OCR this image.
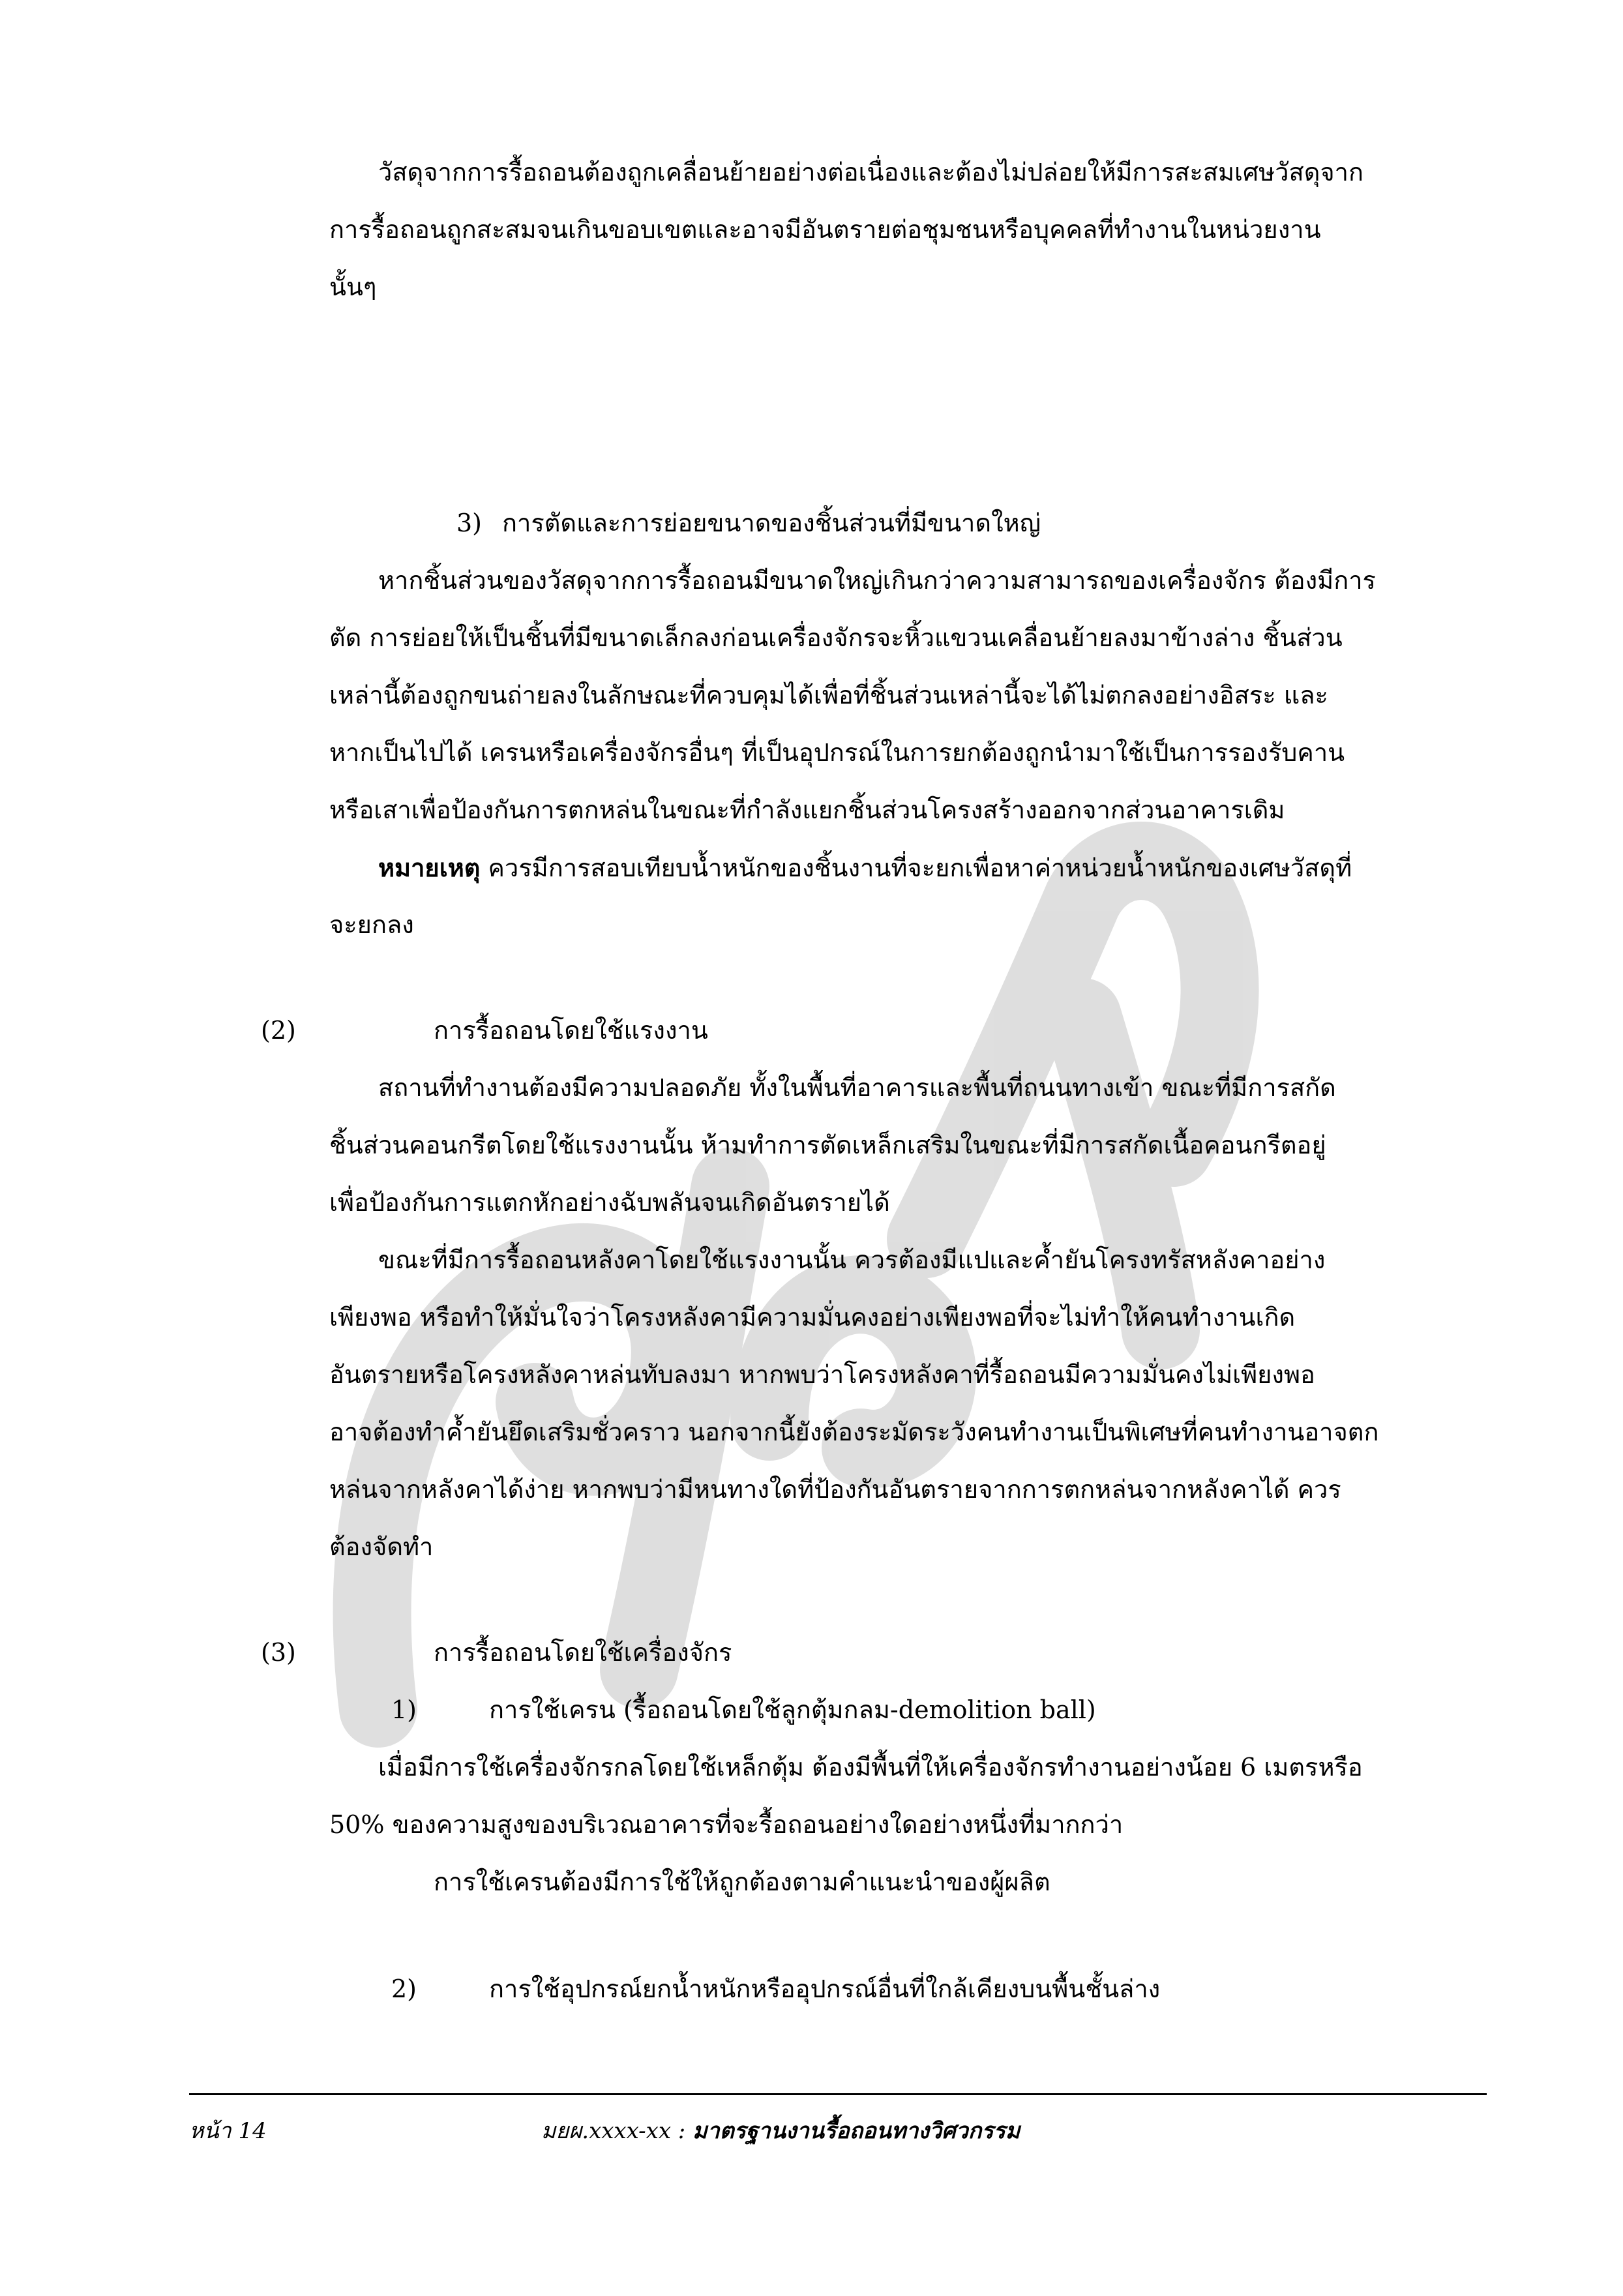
วัสดุจากการรื้อถอนต้องถูกเคลื่อนย้ายอย่างต่อเนื่องและต้องไม่ปล่อยให้มีการสะสมเศษวัสดุจาก
การรื้อถอนถูกสะสมจนเกินขอบเขตและอาจมีอันตรายต่อชุมชนหรือบุคคลที่ทำงานในหน่วยงาน
นั้นๆ
3) การตัดและการย่อยขนาดของชิ้นส่วนที่มีขนาดใหญ่
หากชิ้นส่วนของวัสดุจากการรื้อถอนมีขนาดใหญ่เกินกว่าความสามารถของเครื่องจักร ต้องมีการ
ตัด การย่อยให้เป็นชิ้นที่มีขนาดเล็กลงก่อนเครื่องจักรจะหิ้วแขวนเคลื่อนย้ายลงมาข้างล่าง ชิ้นส่วน
เหล่านี้ต้องถูกขนถ่ายลงในลักษณะที่ควบคุมได้เพื่อที่ชิ้นส่วนเหล่านี้จะได้ไม่ตกลงอย่างอิสระ และ
หากเป็นไปได้ เครนหรือเครื่องจักรอื่นๆ ที่เป็นอุปกรณ์ในการยกต้องถูกนำมาใช้เป็นการรองรับคาน
หรือเสาเพื่อป้องกันการตกหล่นในขณะที่กำลังแยกชิ้นส่วนโครงสร้างออกจากส่วนอาคารเดิม
หมายเหตุ ควรมีการสอบเทียบน้ำหนักของชิ้นงานที่จะยกเพื่อหาค่าหน่วยน้ำหนักของเศษวัสดุที่
จะยกลง
(2)	การรื้อถอนโดยใช้แรงงาน
สถานที่ทำงานต้องมีความปลอดภัย ทั้งในพื้นที่อาคารและพื้นที่ถนนทางเข้า ขณะที่มีการสกัด
ชิ้นส่วนคอนกรีตโดยใช้แรงงานนั้น ห้ามทำการตัดเหล็กเสริมในขณะที่มีการสกัดเนื้อคอนกรีตอยู่
เพื่อป้องกันการแตกหักอย่างฉับพลันจนเกิดอันตรายได้
ขณะที่มีการรื้อถอนหลังคาโดยใช้แรงงานนั้น ควรต้องมีแปและค้ำยันโครงทรัสหลังคาอย่าง
เพียงพอ หรือทำให้มั่นใจว่าโครงหลังคามีความมั่นคงอย่างเพียงพอที่จะไม่ทำให้คนทำงานเกิด
อันตรายหรือโครงหลังคาหล่นทับลงมา หากพบว่าโครงหลังคาที่รื้อถอนมีความมั่นคงไม่เพียงพอ
อาจต้องทำค้ำยันยึดเสริมชั่วคราว นอกจากนี้ยังต้องระมัดระวังคนทำงานเป็นพิเศษที่คนทำงานอาจตก
หล่นจากหลังคาได้ง่าย หากพบว่ามีหนทางใดที่ป้องกันอันตรายจากการตกหล่นจากหลังคาได้ ควร
ต้องจัดทำ
(3)	การรื้อถอนโดยใช้เครื่องจักร
1)	การใช้เครน (รื้อถอนโดยใช้ลูกตุ้มกลม-demolition ball)
เมื่อมีการใช้เครื่องจักรกลโดยใช้เหล็กตุ้ม ต้องมีพื้นที่ให้เครื่องจักรทำงานอย่างน้อย 6 เมตรหรือ
50% ของความสูงของบริเวณอาคารที่จะรื้อถอนอย่างใดอย่างหนึ่งที่มากกว่า
การใช้เครนต้องมีการใช้ให้ถูกต้องตามคำแนะนำของผู้ผลิต
2)	การใช้อุปกรณ์ยกน้ำหนักหรืออุปกรณ์อื่นที่ใกล้เคียงบนพื้นชั้นล่าง
หน้า 14	มยผ.xxxx-xx : มาตรฐานงานรื้อถอนทางวิศวกรรม
